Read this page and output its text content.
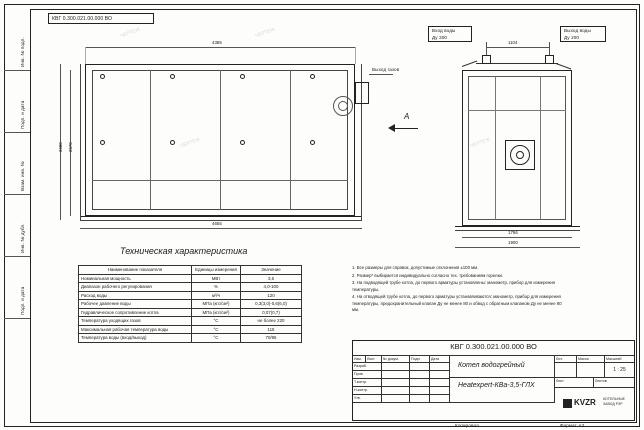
Инв. № подл.
Подп. и дата
Взам. инв. №
Инв. № дубл.
Подп. и дата
КВГ 0.300.021.00.000 ВО
4385
4655
2680 2570
Выход газов
A
Вход воды
Ду 200
Выход воды
Ду 200
1104
1766
1900
ЧЕРТЕЖ	ЧЕРТЕЖ
ЧЕРТЕЖ	ЧЕРТЕЖ
Техническая характеристика
Наименование показателя	Единицы измерения	Значение
Номинальная мощность	МВт	3,5
Диапазон рабочего регулирования	%	4,0-100
Расход воды	м³/ч	120
Рабочее давление воды	МПа (кгс/см²)	0,3(3,0)-0,6(6,0)
Гидравлическое сопротивление котла	МПа (кгс/см²)	0,07(0,7)
Температура уходящих газов	°С	не более 220
Максимальная рабочая температура воды	°С	115
Температура воды (вход/выход)	°С	70/95
1. Все размеры для справок, допустимые отклонения ±100 мм.
2. Размер* выбирается индивидуально согласно тех. требованиям горелки.
3. На подводящей трубе котла, до первого арматуры установлены: манометр, прибор для измерения температуры.
4. На отводящей трубе котла, до первого арматуры устанавливаются: манометр, прибор для измерения температуры, предохранительный клапан Ду не менее 80 и обвод с обратным клапаном Ду не менее 80 мм.
КВГ 0.300.021.00.000 ВО
Изм.	Лист	№ докум.	Подп.	Дата
Разраб.
Пров.
Т.контр.
Н.контр.
Утв.
Котел водогрейный
Heatexpert-КВа-3,5-ГЛХ
Лит.	Масса	Масштаб
1 : 25
Лист	Листов
KVZR КОТЕЛЬНЫЕ
ЗАВОД РЗР
Копировал	Формат А3
